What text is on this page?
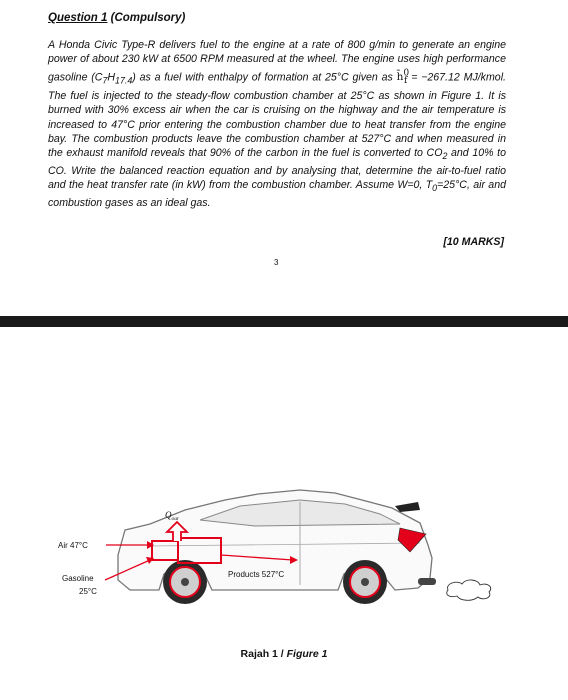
Question 1 (Compulsory)
A Honda Civic Type-R delivers fuel to the engine at a rate of 800 g/min to generate an engine power of about 230 kW at 6500 RPM measured at the wheel. The engine uses high performance gasoline $(C_7H_{17.4})$ as a fuel with enthalpy of formation at 25°C given as h̄$^0_f$ = −267.12 MJ/kmol. The fuel is injected to the steady-flow combustion chamber at 25°C as shown in Figure 1. It is burned with 30% excess air when the car is cruising on the highway and the air temperature is increased to 47°C prior entering the combustion chamber due to heat transfer from the engine bay. The combustion products leave the combustion chamber at 527°C and when measured in the exhaust manifold reveals that 90% of the carbon in the fuel is converted to $CO_2$ and 10% to CO. Write the balanced reaction equation and by analysing that, determine the air-to-fuel ratio and the heat transfer rate (in kW) from the combustion chamber. Assume W=0, $T_0=25^\circ C$, air and combustion gases as an ideal gas.
[10 MARKS]
3
$Q_{out}$
Air 47°C
Gasoline
25°C
Products 527°C
Rajah 1 / Figure 1
